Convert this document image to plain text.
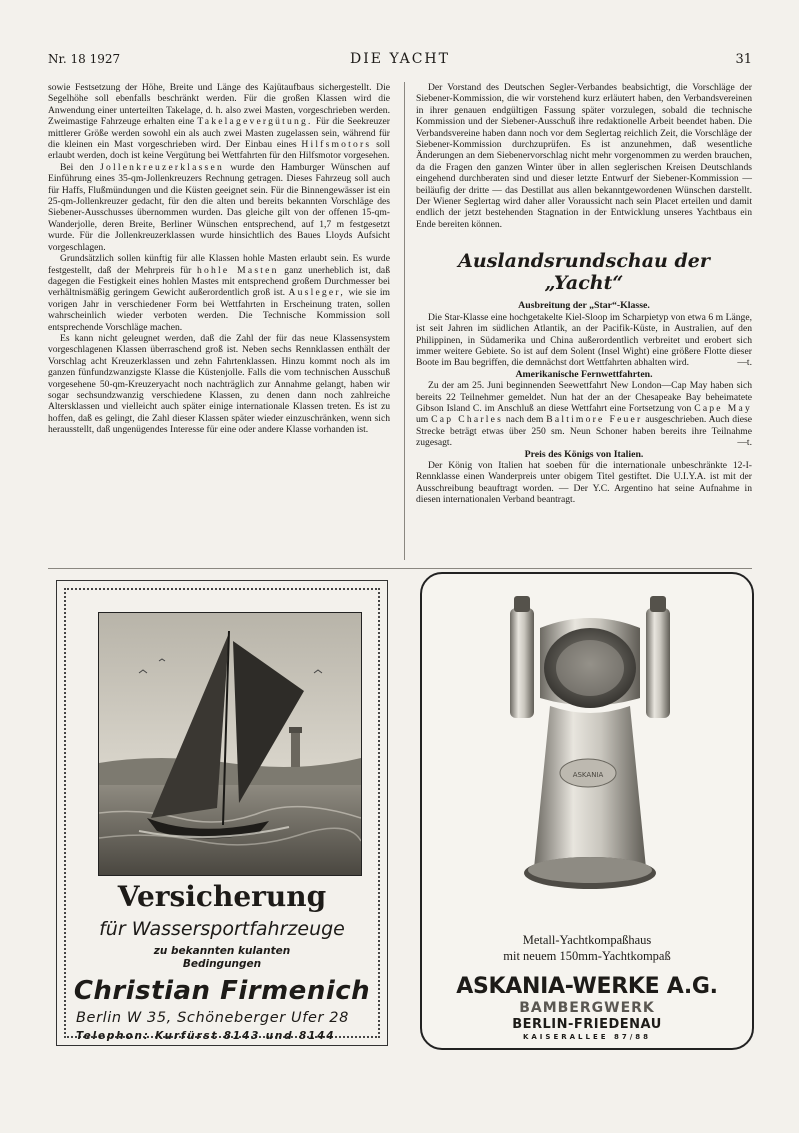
Nr. 18 1927	DIE YACHT	31

sowie Festsetzung der Höhe, Breite und Länge des Kajütaufbaus sichergestellt. Die Segelhöhe soll ebenfalls beschränkt werden. Für die großen Klassen wird die Anwendung einer unterteilten Takelage, d. h. also zwei Masten, vorgeschrieben werden. Zweimastige Fahrzeuge erhalten eine Takelagevergütung. Für die Seekreuzer mittlerer Größe werden sowohl ein als auch zwei Masten zugelassen sein, während für die kleinen ein Mast vorgeschrieben wird. Der Einbau eines Hilfsmotors soll erlaubt werden, doch ist keine Vergütung bei Wettfahrten für den Hilfsmotor vorgesehen.

Bei den Jollenkreuzerklassen wurde den Hamburger Wünschen auf Einführung eines 35-qm-Jollenkreuzers Rechnung getragen. Dieses Fahrzeug soll auch für Haffs, Flußmündungen und die Küsten geeignet sein. Für die Binnengewässer ist ein 25-qm-Jollenkreuzer gedacht, für den die alten und bereits bekannten Vorschläge des Siebener-Ausschusses übernommen wurden. Das gleiche gilt von der offenen 15-qm-Wanderjolle, deren Breite, Berliner Wünschen entsprechend, auf 1,7 m festgesetzt wurde. Für die Jollenkreuzerklassen wurde hinsichtlich des Baues Lloyds Aufsicht vorgeschlagen.

Grundsätzlich sollen künftig für alle Klassen hohle Masten erlaubt sein. Es wurde festgestellt, daß der Mehrpreis für hohle Masten ganz unerheblich ist, daß dagegen die Festigkeit eines hohlen Mastes mit entsprechend großem Durchmesser bei verhältnismäßig geringem Gewicht außerordentlich groß ist. Ausleger, wie sie im vorigen Jahr in verschiedener Form bei Wettfahrten in Erscheinung traten, sollen wahrscheinlich wieder verboten werden. Die Technische Kommission soll entsprechende Vorschläge machen.

Es kann nicht geleugnet werden, daß die Zahl der für das neue Klassensystem vorgeschlagenen Klassen überraschend groß ist. Neben sechs Rennklassen enthält der Vorschlag acht Kreuzerklassen und zehn Fahrtenklassen. Hinzu kommt noch als im ganzen fünfundzwanzigste Klasse die Küstenjolle. Falls die vom technischen Ausschuß vorgesehene 50-qm-Kreuzeryacht noch nachträglich zur Annahme gelangt, haben wir sogar sechsundzwanzig verschiedene Klassen, zu denen dann noch zahlreiche Altersklassen und vielleicht auch später einige internationale Klassen treten. Es ist zu hoffen, daß es gelingt, die Zahl dieser Klassen später wieder einzuschränken, wenn sich herausstellt, daß ungenügendes Interesse für eine oder andere Klasse vorhanden ist.

Der Vorstand des Deutschen Segler-Verbandes beabsichtigt, die Vorschläge der Siebener-Kommission, die wir vorstehend kurz erläutert haben, den Verbandsvereinen in ihrer genauen endgültigen Fassung später vorzulegen, sobald die technische Kommission und der Siebener-Ausschuß ihre redaktionelle Arbeit beendet haben. Die Verbandsvereine haben dann noch vor dem Seglertag reichlich Zeit, die Vorschläge der Siebener-Kommission durchzuprüfen. Es ist anzunehmen, daß wesentliche Änderungen an dem Siebenervorschlag nicht mehr vorgenommen zu werden brauchen, da die Fragen den ganzen Winter über in allen seglerischen Kreisen Deutschlands eingehend durchberaten sind und dieser letzte Entwurf der Siebener-Kommission — beiläufig der dritte — das Destillat aus allen bekanntgewordenen Wünschen darstellt. Der Wiener Seglertag wird daher aller Voraussicht nach sein Placet erteilen und damit endlich der jetzt bestehenden Stagnation in der Entwicklung unseres Yachtbaus ein Ende bereiten können.

Auslandsrundschau der „Yacht“

Ausbreitung der „Star“-Klasse.

Die Star-Klasse eine hochgetakelte Kiel-Sloop im Scharpietyp von etwa 6 m Länge, ist seit Jahren im südlichen Atlantik, an der Pacifik-Küste, in Australien, auf den Philippinen, in Südamerika und China außerordentlich verbreitet und erobert sich immer weitere Gebiete. So ist auf dem Solent (Insel Wight) eine größere Flotte dieser Boote im Bau begriffen, die demnächst dort Wettfahrten abhalten wird.	—t.

Amerikanische Fernwettfahrten.

Zu der am 25. Juni beginnenden Seewettfahrt New London—Cap May haben sich bereits 22 Teilnehmer gemeldet. Nun hat der an der Chesapeake Bay beheimatete Gibson Island C. im Anschluß an diese Wettfahrt eine Fortsetzung von Cape May um Cap Charles nach dem Baltimore Feuer ausgeschrieben. Auch diese Strecke beträgt etwas über 250 sm. Neun Schoner haben bereits ihre Teilnahme zugesagt.	—t.

Preis des Königs von Italien.

Der König von Italien hat soeben für die internationale unbeschränkte 12-I-Rennklasse einen Wanderpreis unter obigem Titel gestiftet. Die U.I.Y.A. ist mit der Ausschreibung beauftragt worden. — Der Y.C. Argentino hat seine Aufnahme in diesen internationalen Verband beantragt.

Versicherung
für Wassersportfahrzeuge
zu bekannten kulanten
Bedingungen
Christian Firmenich
Berlin W 35, Schöneberger Ufer 28
Telephon: Kurfürst 8143 und 8144
ASKANIA
Metall-Yachtkompaßhaus
mit neuem 150mm-Yachtkompaß
ASKANIA-WERKE A.G.
BAMBERGWERK
BERLIN-FRIEDENAU
KAISERALLEE 87/88
